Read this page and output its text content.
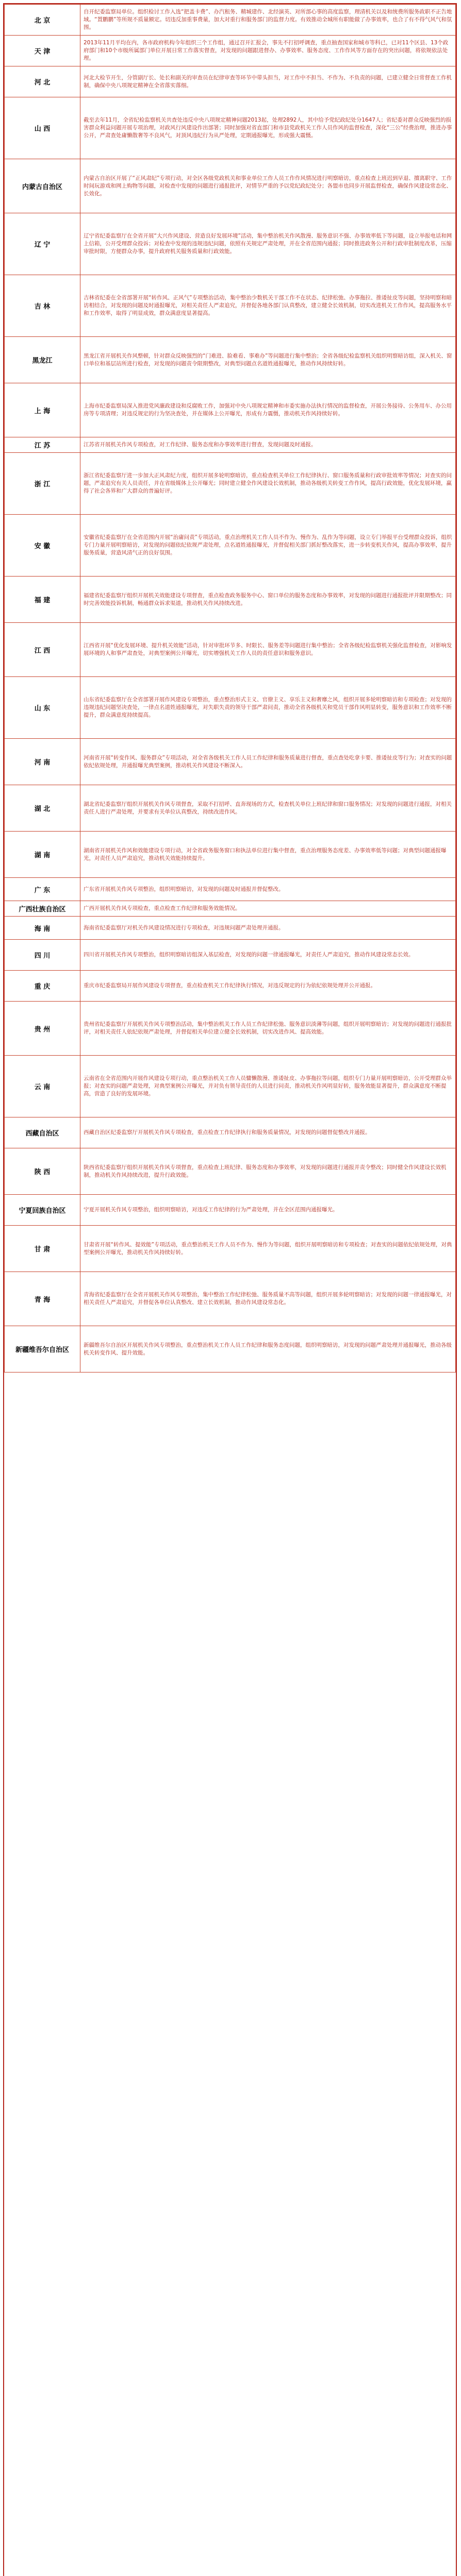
北 京	自开纪委监察局单位。组织检讨工作入选“把盖卡费”、办汽租务、精城建作、北经演英、对所部心事的高度监察，理清机关以及和统费所服务政职不正告地域。“置鹏鹏”等所规不质量额定。切违反加重事费量，加大对重行和服务部门的监督力度。有效推动全城所有职能做了办事效率，也合了有不得气风气和氛围。
天 津	2013年11月平均在内，各市政府机构今年组织三个工作组，通过召开汇报会，事先不打招呼调查，重点抽查国家和城市等科已，已对11个区县、13个政府部门和10个市级所属部门单位开展日常工作落实督查，对发现的问题跟进督办、办事效率、服务态度、工作作风等方面存在的突出问题，将依规依法处理。
河 北	河北大检节开生，分管副厅长、处长和副关的审查员在纪律审查等环节中带头担当，对工作中不担当、不作为、不负责的问题，已建立健全日常督查工作机制，确保中央八项规定精神在全省落实落细。
山 西	截至去年11月，全省纪检监察机关共查处违反中央八项规定精神问题2013起，处理2892人，其中给予党纪政纪处分1647人；省纪委对群众反映强烈的损害群众利益问题开展专项治理，对政风行风建设作出部署；同时加强对省直部门和市县党政机关工作人员作风的监督检查，深化“三公”经费治理，推进办事公开，严肃查处庸懒散奢等不良风气，对顶风违纪行为从严处理，定期通报曝光，形成强大震慑。
内蒙古自治区	内蒙古自治区开展了“正风肃纪”专项行动，对全区各级党政机关和事业单位工作人员工作作风情况进行明察暗访，重点检查上班迟到早退、擅离职守、工作时间玩游戏和网上购物等问题，对检查中发现的问题进行通报批评，对情节严重的予以党纪政纪处分；各盟市也同步开展监督检查，确保作风建设常态化、长效化。
辽 宁	辽宁省纪委监察厅在全省开展“大兴作风建设、营造良好发展环境”活动，集中整治机关作风散漫、服务意识不强、办事效率低下等问题，设立举报电话和网上信箱，公开受理群众投诉；对检查中发现的违规违纪问题，依照有关规定严肃处理，并在全省范围内通报；同时推进政务公开和行政审批制度改革，压缩审批时限，方便群众办事，提升政府机关服务质量和行政效能。
吉 林	吉林省纪委在全省部署开展“转作风、正风气”专项整治活动，集中整治少数机关干部工作不在状态、纪律松弛、办事拖拉、推诿扯皮等问题，坚持明察和暗访相结合，对发现的问题及时通报曝光，对相关责任人严肃追究，并督促各地各部门认真整改，建立健全长效机制，切实改进机关工作作风，提高服务水平和工作效率，取得了明显成效，群众满意度显著提高。
黑龙江	黑龙江省开展机关作风整顿，针对群众反映强烈的“门难进、脸难看、事难办”等问题进行集中整治；全省各级纪检监察机关组织明察暗访组，深入机关、窗口单位和基层站所进行检查，对发现的问题责令限期整改，对典型问题点名道姓通报曝光，推动作风持续好转。
上 海	上海市纪委监察局深入推进党风廉政建设和反腐败工作，加强对中央八项规定精神和市委实施办法执行情况的监督检查，开展公务接待、公务用车、办公用房等专项清理；对违反规定的行为坚决查处，并在媒体上公开曝光，形成有力震慑，推动机关作风持续好转。
江 苏	江苏省开展机关作风专项检查，对工作纪律、服务态度和办事效率进行督查，发现问题及时通报。
浙 江	浙江省纪委监察厅进一步加大正风肃纪力度，组织开展多轮明察暗访，重点检查机关单位工作纪律执行、窗口服务质量和行政审批效率等情况；对查实的问题，严肃追究有关人员责任，并在省级媒体上公开曝光；同时建立健全作风建设长效机制，推动各级机关转变工作作风，提高行政效能，优化发展环境，赢得了社会各界和广大群众的普遍好评。
安 徽	安徽省纪委监察厅在全省范围内开展“治庸问责”专项活动，重点治理机关工作人员不作为、慢作为、乱作为等问题，设立专门举报平台受理群众投诉，组织专门力量开展明察暗访，对发现的问题依纪依规严肃处理，点名道姓通报曝光，并督促相关部门抓好整改落实，进一步转变机关作风，提高办事效率，提升服务质量，营造风清气正的良好氛围。
福 建	福建省纪委监察厅组织开展机关效能建设专项督查，重点检查政务服务中心、窗口单位的服务态度和办事效率，对发现的问题进行通报批评并限期整改；同时完善效能投诉机制，畅通群众诉求渠道，推动机关作风持续改进。
江 西	江西省开展“优化发展环境、提升机关效能”活动，针对审批环节多、时限长、服务差等问题进行集中整治；全省各级纪检监察机关强化监督检查，对影响发展环境的人和事严肃查处，对典型案例公开曝光，切实增强机关工作人员的责任意识和服务意识。
山 东	山东省纪委监察厅在全省部署开展作风建设专项整治，重点整治形式主义、官僚主义、享乐主义和奢靡之风，组织开展多轮明察暗访和专项检查；对发现的违规违纪问题坚决查处，一律点名道姓通报曝光，对失职失责的领导干部严肃问责，推动全省各级机关和党员干部作风明显转变，服务意识和工作效率不断提升，群众满意度持续提高。
河 南	河南省开展“转变作风、服务群众”专项活动，对全省各级机关工作人员工作纪律和服务质量进行督查，重点查处吃拿卡要、推诿扯皮等行为；对查实的问题依纪依规处理，并通报曝光典型案例，推动机关作风建设不断深入。
湖 北	湖北省纪委监察厅组织开展机关作风专项督查，采取不打招呼、直奔现场的方式，检查机关单位上班纪律和窗口服务情况；对发现的问题进行通报，对相关责任人进行严肃处理，并要求有关单位认真整改，持续改进作风。
湖 南	湖南省开展机关作风和效能建设专项行动，对全省政务服务窗口和执法单位进行集中督查，重点治理服务态度差、办事效率低等问题；对典型问题通报曝光，对责任人员严肃追究，推动机关效能持续提升。
广 东	广东省开展机关作风专项整治，组织明察暗访，对发现的问题及时通报并督促整改。
广西壮族自治区	广西开展机关作风专项检查，重点检查工作纪律和服务效能情况。
海 南	海南省纪委监察厅对机关作风建设情况进行专项检查，对违规问题严肃处理并通报。
四 川	四川省开展机关作风专项整治，组织明察暗访组深入基层检查，对发现的问题一律通报曝光，对责任人严肃追究，推动作风建设常态长效。
重 庆	重庆市纪委监察局开展作风建设专项督查，重点检查机关工作纪律执行情况，对违反规定的行为依纪依规处理并公开通报。
贵 州	贵州省纪委监察厅开展机关作风专项整治活动，集中整治机关工作人员工作纪律松弛、服务意识淡薄等问题，组织开展明察暗访；对发现的问题进行通报批评，对相关责任人依纪依规严肃处理，并督促相关单位建立健全长效机制，切实改进作风、提高效能。
云 南	云南省在全省范围内开展作风建设专项行动，重点整治机关工作人员慵懒散漫、推诿扯皮、办事拖拉等问题，组织专门力量开展明察暗访，公开受理群众举报；对查实的问题严肃处理，对典型案例公开曝光，并对负有领导责任的人员进行问责，推动机关作风明显好转，服务效能显著提升，群众满意度不断提高，营造了良好的发展环境。
西藏自治区	西藏自治区纪委监察厅开展机关作风专项检查，重点检查工作纪律执行和服务质量情况，对发现的问题督促整改并通报。
陕 西	陕西省纪委监察厅组织开展机关作风专项督查，重点检查上班纪律、服务态度和办事效率，对发现的问题进行通报并责令整改；同时健全作风建设长效机制，推动机关作风持续改进，提升行政效能。
宁夏回族自治区	宁夏开展机关作风专项整治，组织明察暗访，对违反工作纪律的行为严肃处理，并在全区范围内通报曝光。
甘 肃	甘肃省开展“转作风、提效能”专项活动，重点整治机关工作人员不作为、慢作为等问题，组织开展明察暗访和专项检查；对查实的问题依纪依规处理，对典型案例公开曝光，推动机关作风持续好转。
青 海	青海省纪委监察厅在全省开展机关作风专项整治，集中整治工作纪律松弛、服务质量不高等问题，组织开展多轮明察暗访；对发现的问题一律通报曝光，对相关责任人严肃追究，并督促各单位认真整改、建立长效机制，推动作风建设常态化。
新疆维吾尔自治区	新疆维吾尔自治区开展机关作风专项整治，重点整治机关工作人员工作纪律和服务态度问题，组织明察暗访，对发现的问题严肃处理并通报曝光，推动各级机关转变作风、提升效能。
